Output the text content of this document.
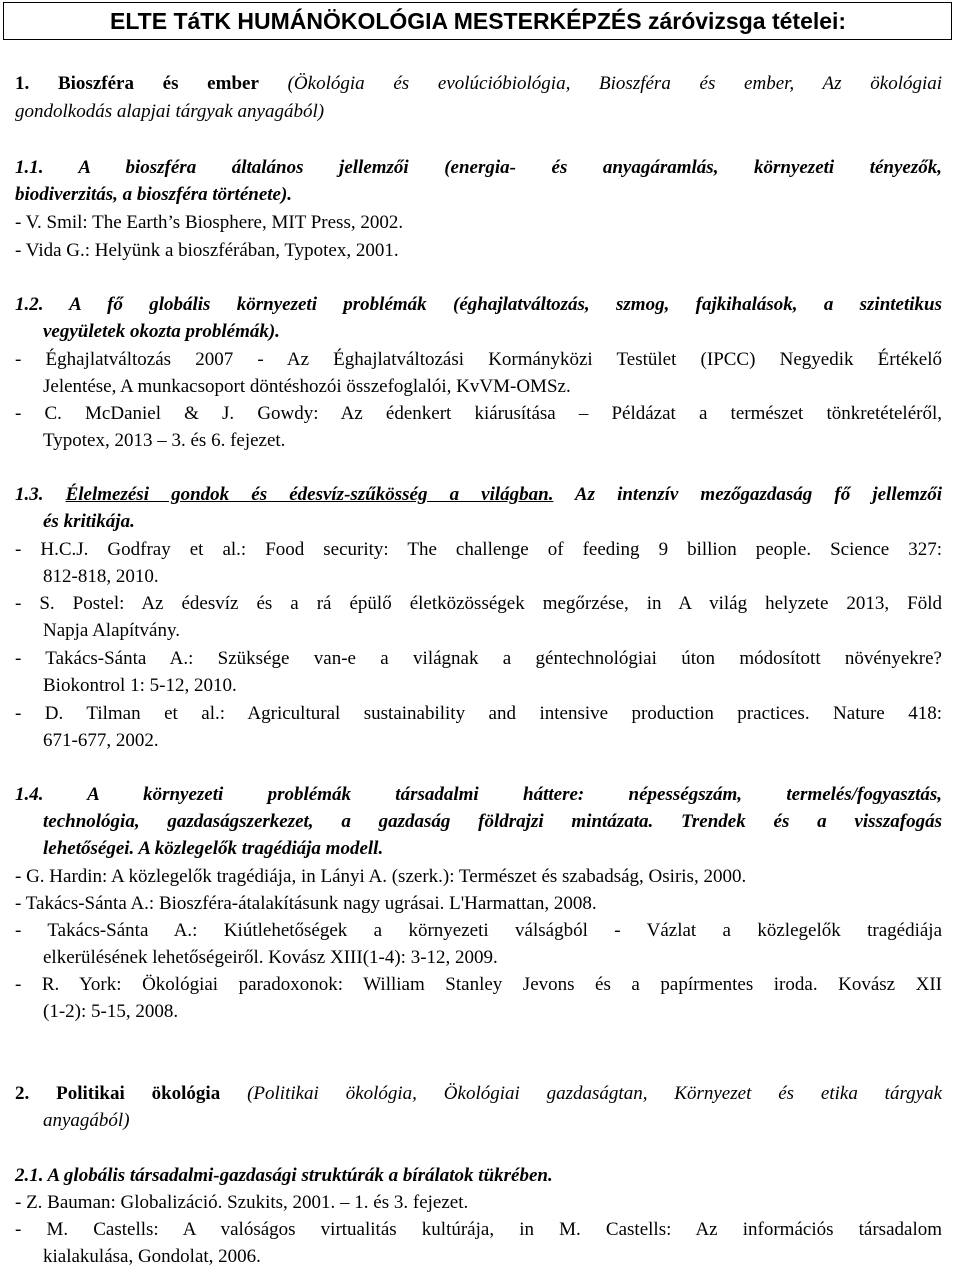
ELTE TáTK HUMÁNÖKOLÓGIA MESTERKÉPZÉS záróvizsga tételei:
1. Bioszféra és ember (Ökológia és evolúcióbiológia, Bioszféra és ember, Az ökológiai
gondolkodás alapjai tárgyak anyagából)
1.1. A bioszféra általános jellemzői (energia- és anyagáramlás, környezeti tényezők,
biodiverzitás, a bioszféra története).
- V. Smil: The Earth’s Biosphere, MIT Press, 2002.
- Vida G.: Helyünk a bioszférában, Typotex, 2001.
1.2. A fő globális környezeti problémák (éghajlatváltozás, szmog, fajkihalások, a szintetikus
vegyületek okozta problémák).
- Éghajlatváltozás 2007 - Az Éghajlatváltozási Kormányközi Testület (IPCC) Negyedik Értékelő
Jelentése, A munkacsoport döntéshozói összefoglalói, KvVM-OMSz.
- C. McDaniel & J. Gowdy: Az édenkert kiárusítása – Példázat a természet tönkretételéről,
Typotex, 2013 – 3. és 6. fejezet.
1.3. Élelmezési gondok és édesvíz-szűkösség a világban. Az intenzív mezőgazdaság fő jellemzői
és kritikája.
- H.C.J. Godfray et al.: Food security: The challenge of feeding 9 billion people. Science 327:
812-818, 2010.
- S. Postel: Az édesvíz és a rá épülő életközösségek megőrzése, in A világ helyzete 2013, Föld
Napja Alapítvány.
- Takács-Sánta A.: Szüksége van-e a világnak a géntechnológiai úton módosított növényekre?
Biokontrol 1: 5-12, 2010.
- D. Tilman et al.: Agricultural sustainability and intensive production practices. Nature 418:
671-677, 2002.
1.4. A környezeti problémák társadalmi háttere: népességszám, termelés/fogyasztás,
technológia, gazdaságszerkezet, a gazdaság földrajzi mintázata. Trendek és a visszafogás
lehetőségei. A közlegelők tragédiája modell.
- G. Hardin: A közlegelők tragédiája, in Lányi A. (szerk.): Természet és szabadság, Osiris, 2000.
- Takács-Sánta A.: Bioszféra-átalakításunk nagy ugrásai. L'Harmattan, 2008.
- Takács-Sánta A.: Kiútlehetőségek a környezeti válságból - Vázlat a közlegelők tragédiája
elkerülésének lehetőségeiről. Kovász XIII(1-4): 3-12, 2009.
- R. York: Ökológiai paradoxonok: William Stanley Jevons és a papírmentes iroda. Kovász XII
(1-2): 5-15, 2008.
2. Politikai ökológia (Politikai ökológia, Ökológiai gazdaságtan, Környezet és etika tárgyak
anyagából)
2.1. A globális társadalmi-gazdasági struktúrák a bírálatok tükrében.
- Z. Bauman: Globalizáció. Szukits, 2001. – 1. és 3. fejezet.
- M. Castells: A valóságos virtualitás kultúrája, in M. Castells: Az információs társadalom
kialakulása, Gondolat, 2006.
